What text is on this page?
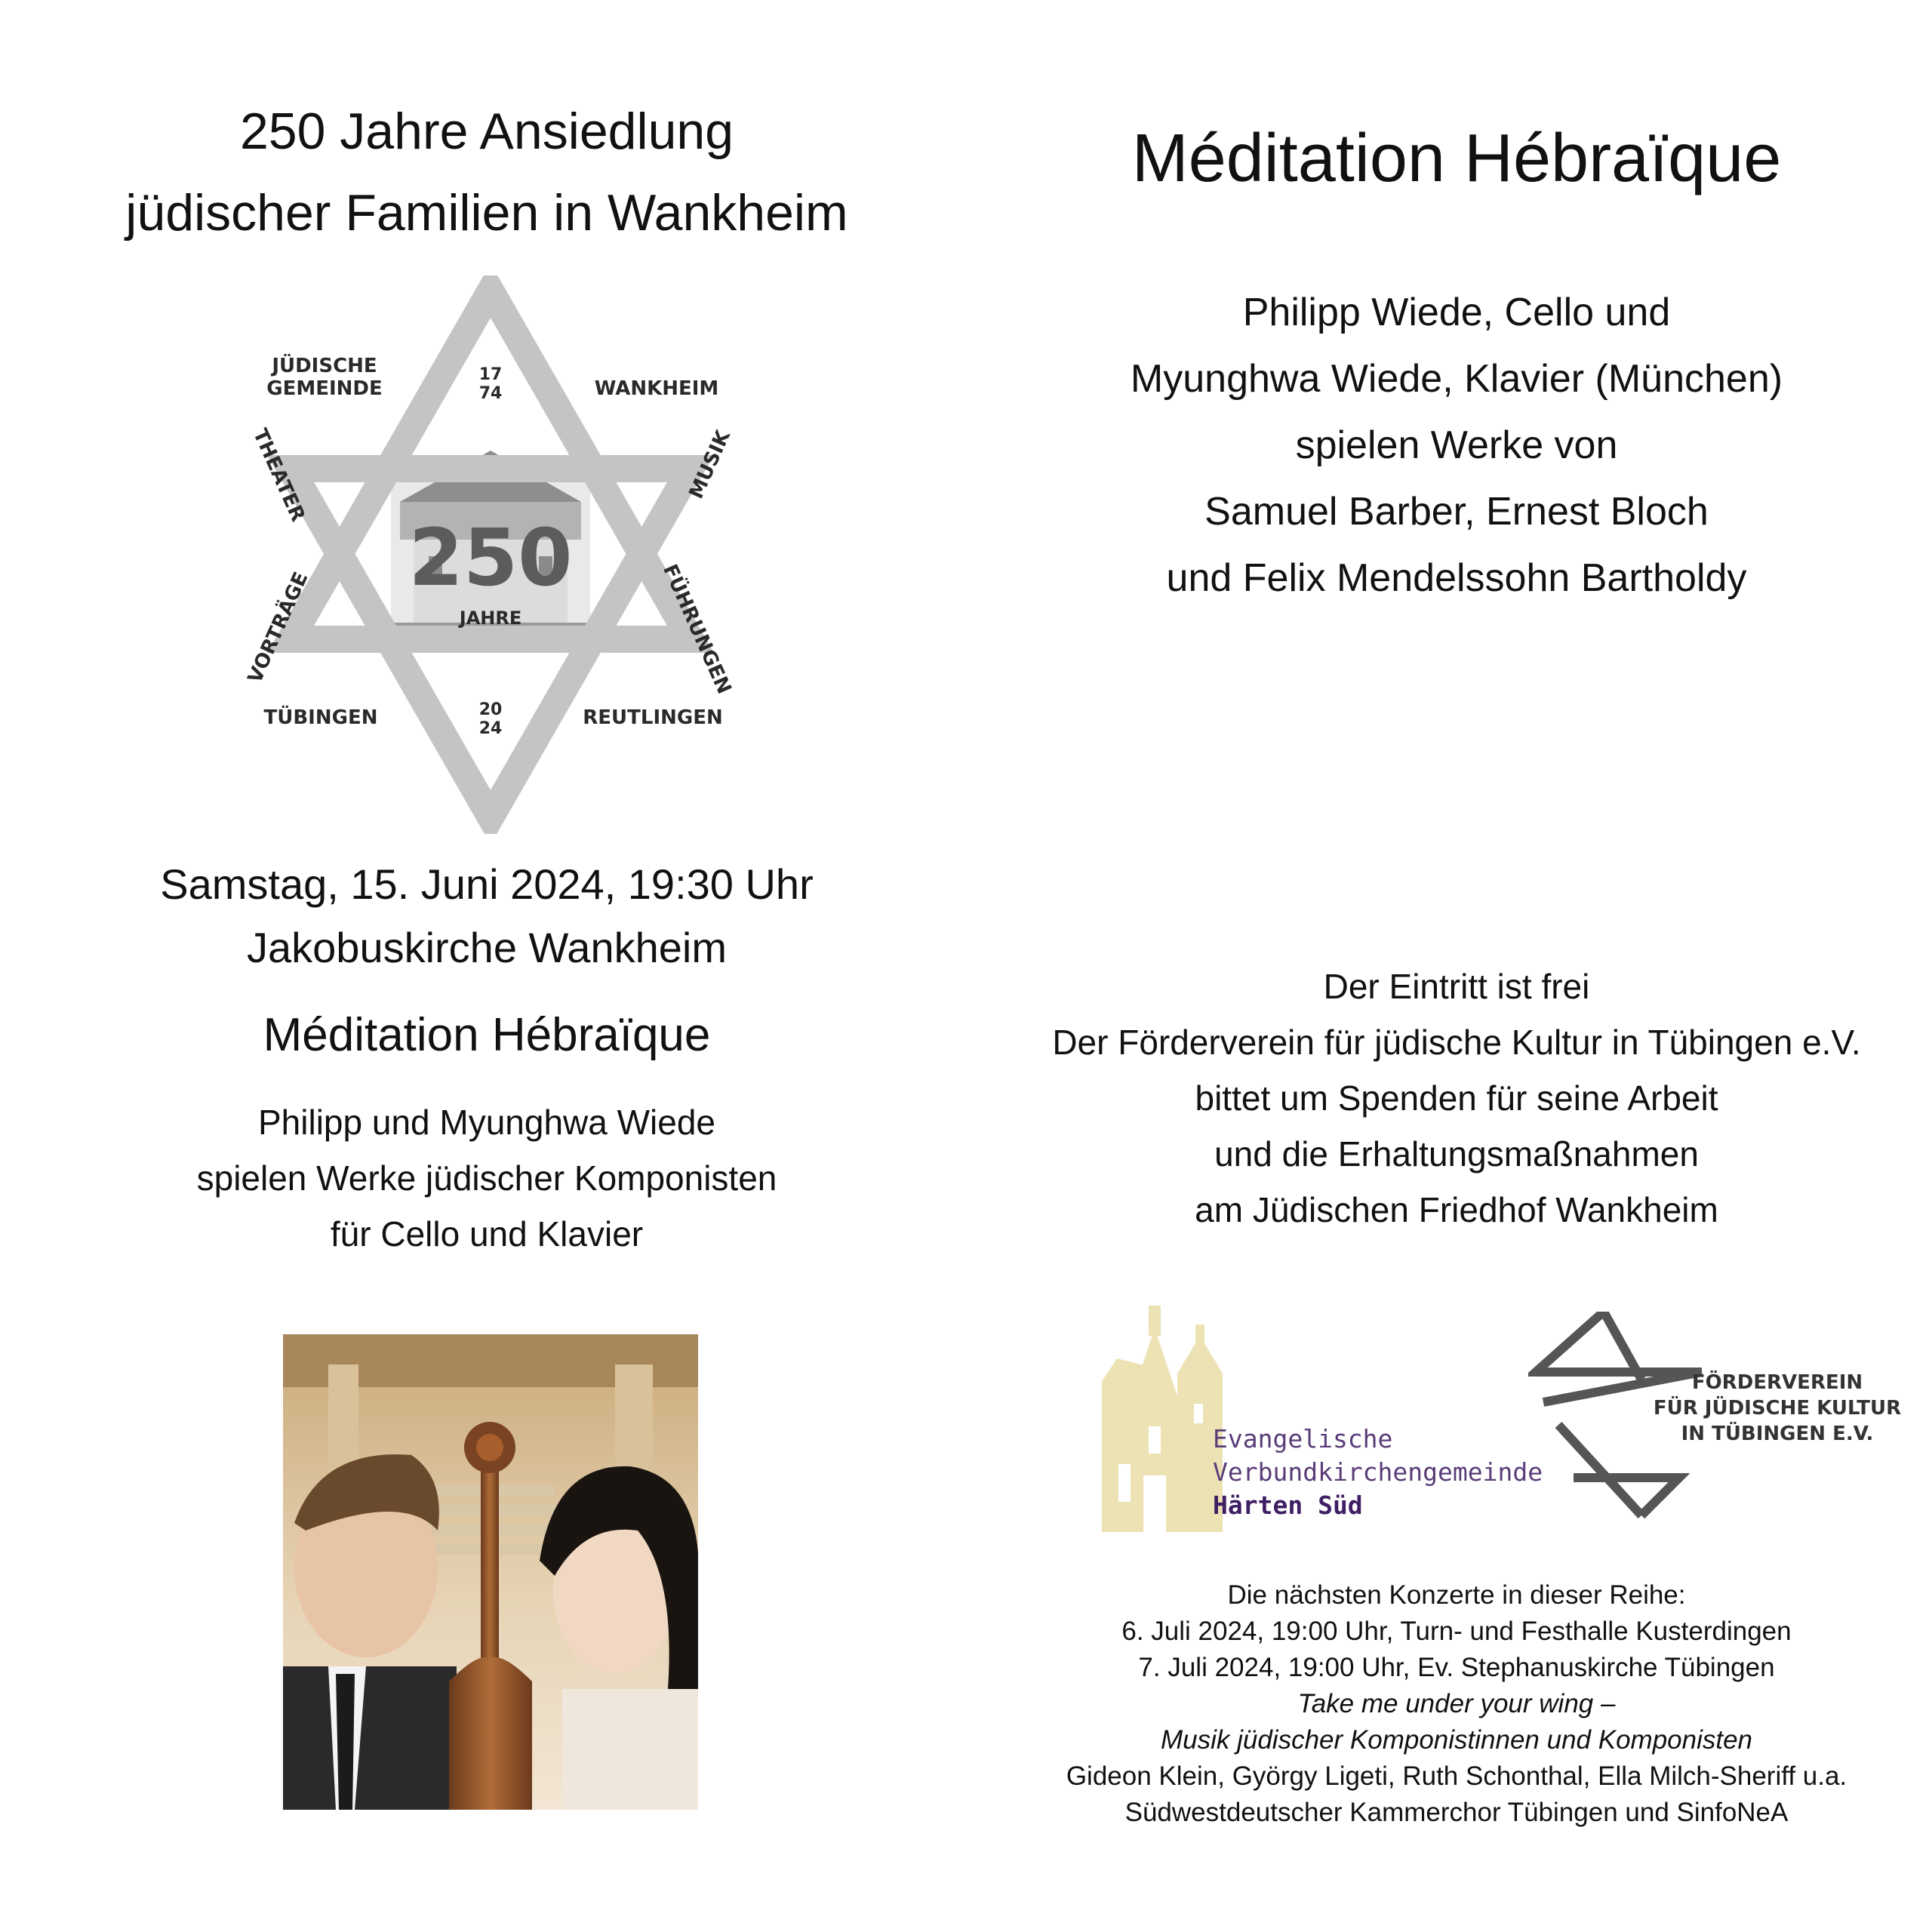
250 Jahre Ansiedlung
jüdischer Familien in Wankheim
JÜDISCHE
GEMEINDE
17
74	WANKHEIM
THEATER	MUSIK
VORTRÄGE	FÜHRUNGEN
250
JAHRE
TÜBINGEN	20
24	REUTLINGEN
Samstag, 15. Juni 2024, 19:30 Uhr
Jakobuskirche Wankheim
Méditation Hébraïque
Philipp und Myunghwa Wiede
spielen Werke jüdischer Komponisten
für Cello und Klavier
Méditation Hébraïque
Philipp Wiede, Cello und
Myunghwa Wiede, Klavier (München)
spielen Werke von
Samuel Barber, Ernest Bloch
und Felix Mendelssohn Bartholdy
Der Eintritt ist frei
Der Förderverein für jüdische Kultur in Tübingen e.V.
bittet um Spenden für seine Arbeit
und die Erhaltungsmaßnahmen
am Jüdischen Friedhof Wankheim
Evangelische
Verbundkirchengemeinde
Härten Süd
FÖRDERVEREIN
FÜR JÜDISCHE KULTUR
IN TÜBINGEN E.V.
Die nächsten Konzerte in dieser Reihe:
6. Juli 2024, 19:00 Uhr, Turn- und Festhalle Kusterdingen
7. Juli 2024, 19:00 Uhr, Ev. Stephanuskirche Tübingen
Take me under your wing –
Musik jüdischer Komponistinnen und Komponisten
Gideon Klein, György Ligeti, Ruth Schonthal, Ella Milch-Sheriff u.a.
Südwestdeutscher Kammerchor Tübingen und SinfoNeA
